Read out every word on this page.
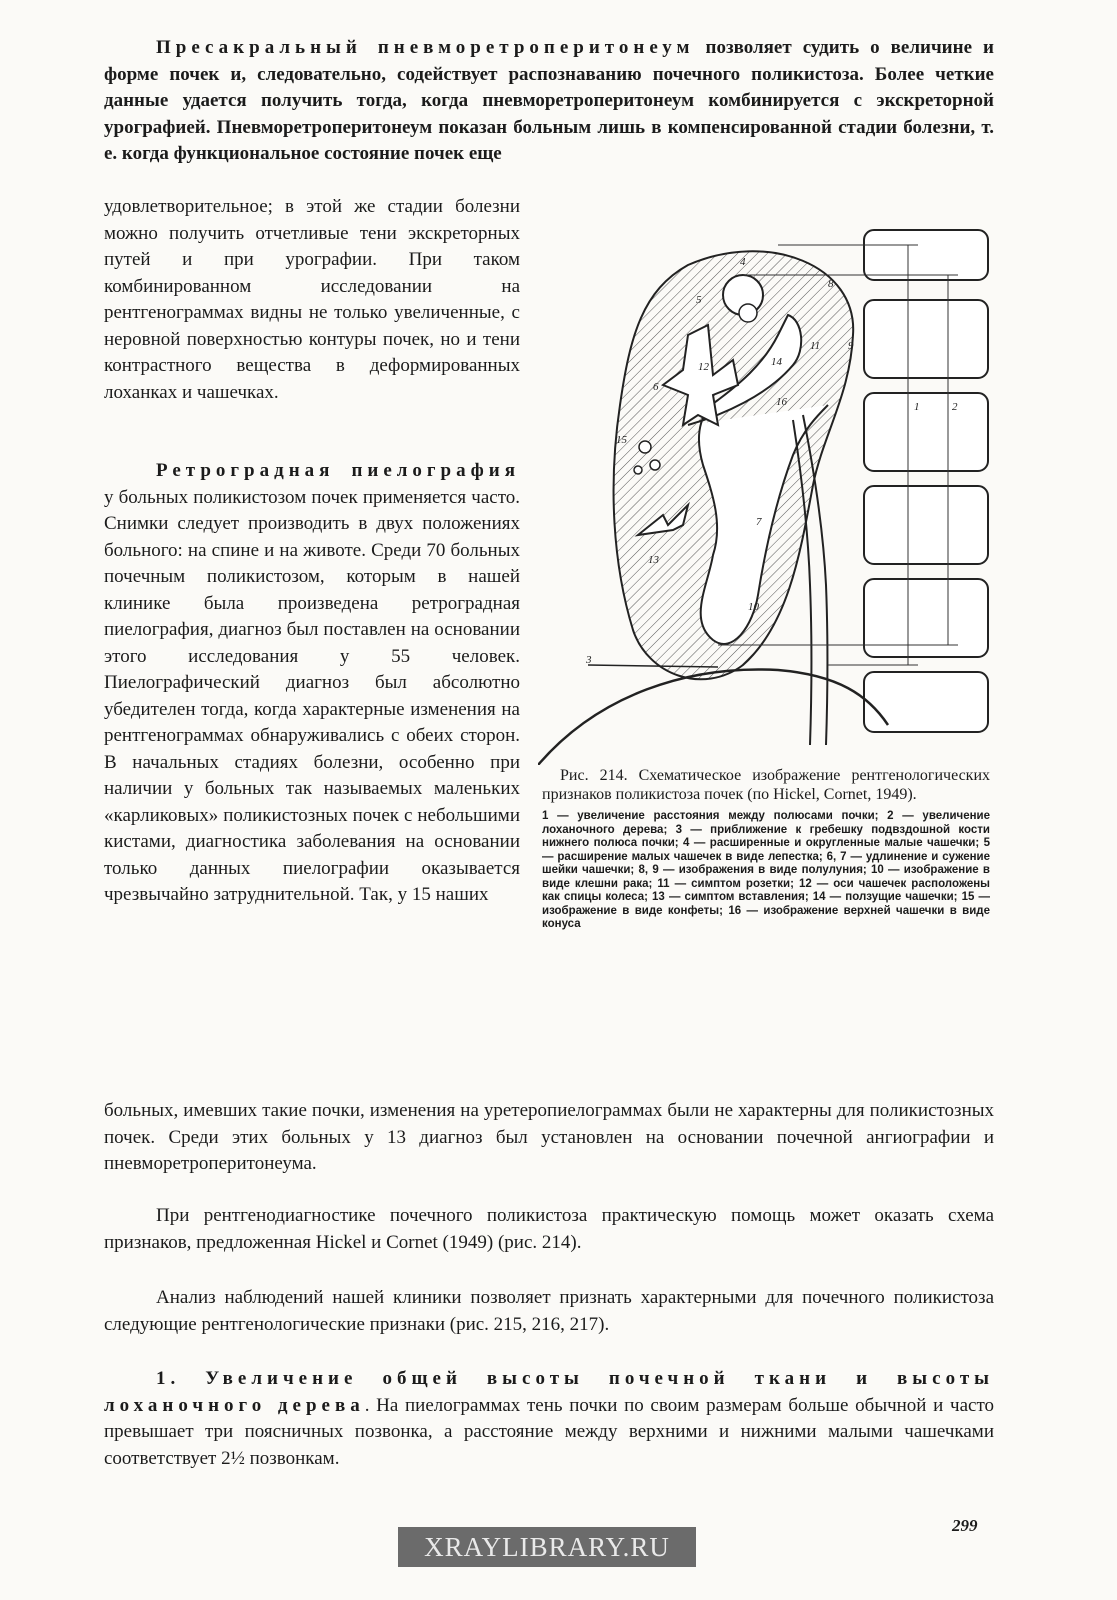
Пресакральный пневморетроперитонеум позволяет судить о величине и форме почек и, следовательно, содействует распознаванию почечного поликистоза. Более четкие данные удается получить тогда, когда пневморетроперитонеум комбинируется с экскреторной урографией. Пневморетроперитонеум показан больным лишь в компенсированной стадии болезни, т. е. когда функциональное состояние почек еще

удовлетворительное; в этой же стадии болезни можно получить отчетливые тени экскреторных путей и при урографии. При таком комбинированном исследовании на рентгенограммах видны не только увеличенные, с неровной поверхностью контуры почек, но и тени контрастного вещества в деформированных лоханках и чашечках.

Ретроградная пиелография у больных поликистозом почек применяется часто. Снимки следует производить в двух положениях больного: на спине и на животе. Среди 70 больных почечным поликистозом, которым в нашей клинике была произведена ретроградная пиелография, диагноз был поставлен на основании этого исследования у 55 человек. Пиелографический диагноз был абсолютно убедителен тогда, когда характерные изменения на рентгенограммах обнаруживались с обеих сторон. В начальных стадиях болезни, особенно при наличии у больных так называемых маленьких «карликовых» поликистозных почек с небольшими кистами, диагностика заболевания на основании только данных пиелографии оказывается чрезвычайно затруднительной. Так, у 15 наших

больных, имевших такие почки, изменения на уретеропиелограммах были не характерны для поликистозных почек. Среди этих больных у 13 диагноз был установлен на основании почечной ангиографии и пневморетроперитонеума.

При рентгенодиагностике почечного поликистоза практическую помощь может оказать схема признаков, предложенная Hickel и Cornet (1949) (рис. 214).

Анализ наблюдений нашей клиники позволяет признать характерными для почечного поликистоза следующие рентгенологические признаки (рис. 215, 216, 217).

1. Увеличение общей высоты почечной ткани и высоты лоханочного дерева. На пиелограммах тень почки по своим размерам больше обычной и часто превышает три поясничных позвонка, а расстояние между верхними и нижними малыми чашечками соответствует 2½ позвонкам.

1	2
3
4
5
6
7
8
9
10
11
12
13
14
15
16

Рис. 214. Схематическое изображение рентгенологических признаков поликистоза почек (по Hickel, Cornet, 1949).

1 — увеличение расстояния между полюсами почки; 2 — увеличение лоханочного дерева; 3 — приближение к гребешку подвздошной кости нижнего полюса почки; 4 — расширенные и округленные малые чашечки; 5 — расширение малых чашечек в виде лепестка; 6, 7 — удлинение и сужение шейки чашечки; 8, 9 — изображения в виде полулуния; 10 — изображение в виде клешни рака; 11 — симптом розетки; 12 — оси чашечек расположены как спицы колеса; 13 — симптом вставления; 14 — ползущие чашечки; 15 — изображение в виде конфеты; 16 — изображение верхней чашечки в виде конуса

299
XRAYLIBRARY.RU
